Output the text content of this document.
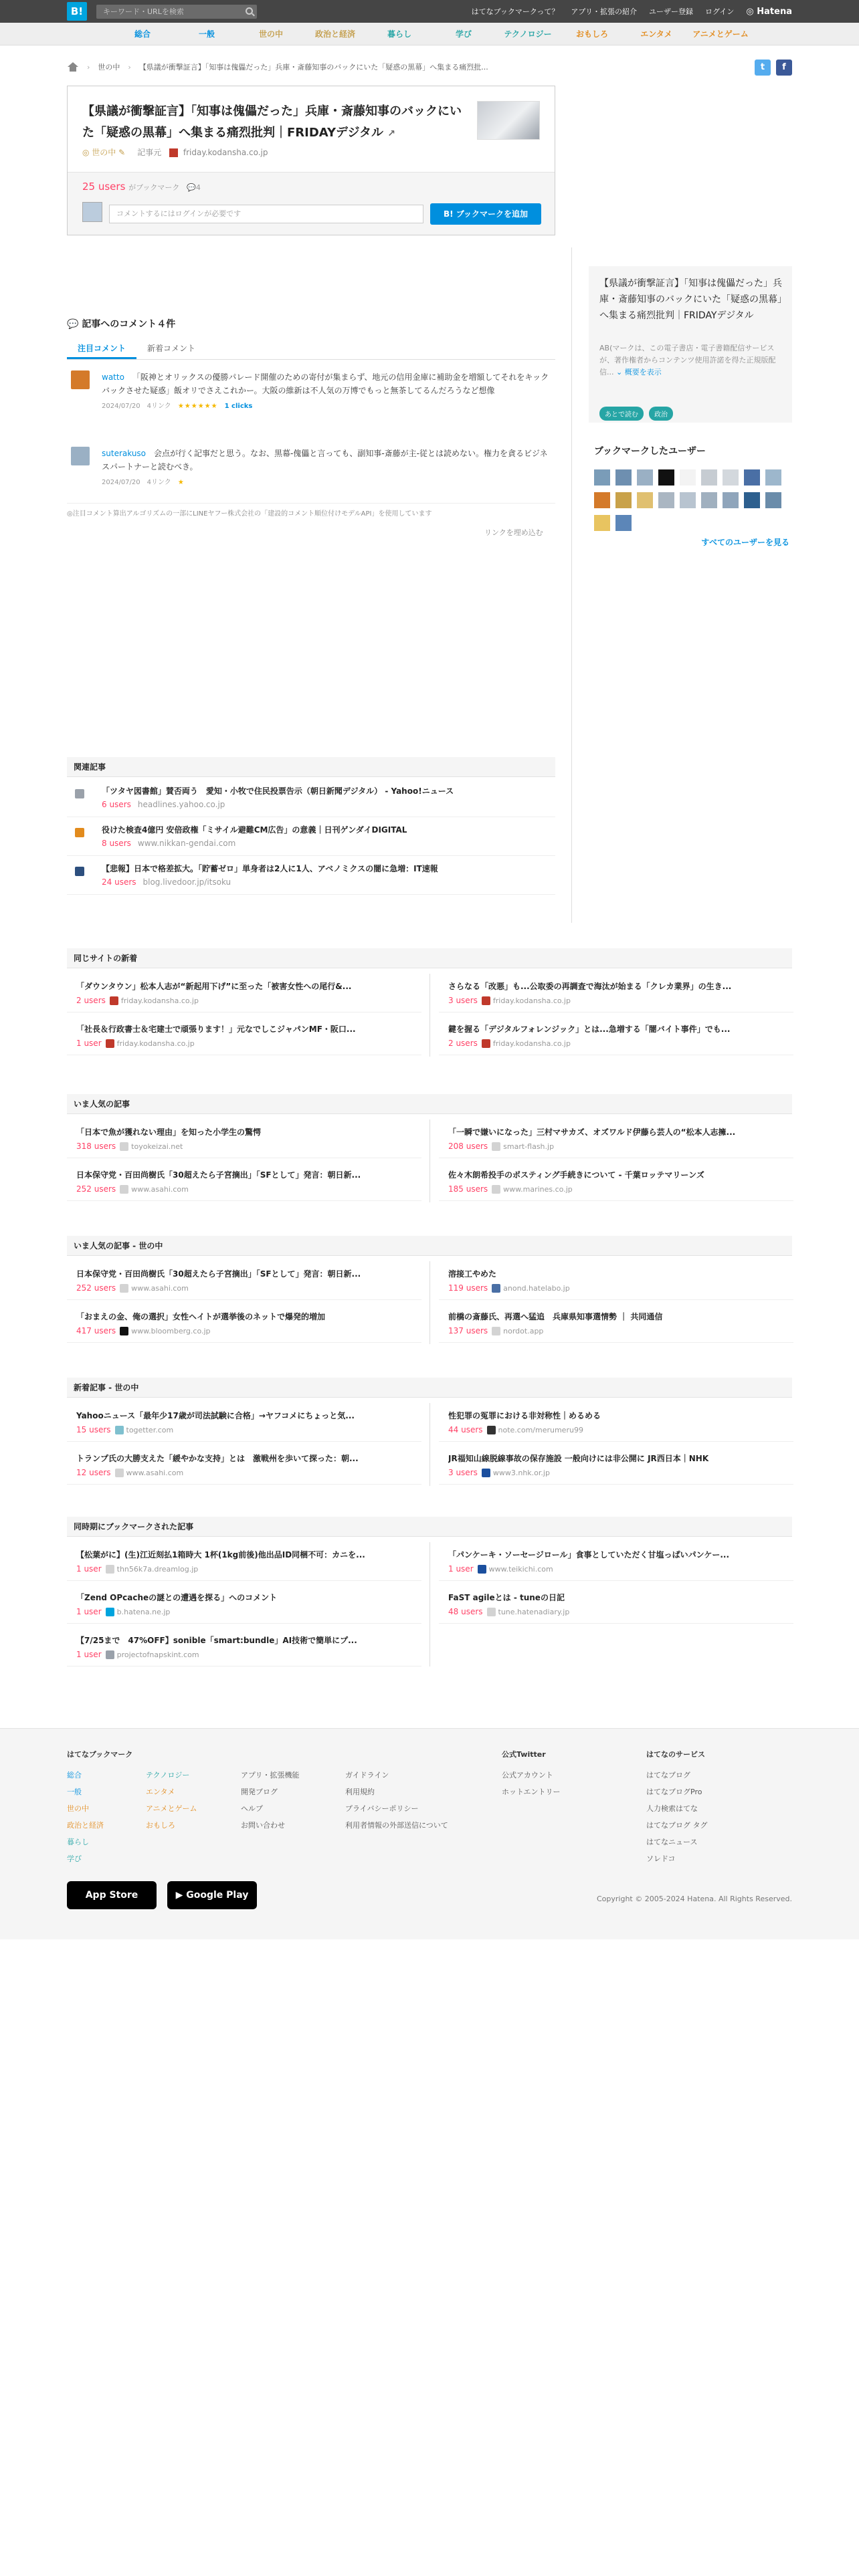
B!	キーワード・URLを検索	はてなブックマークって？ アプリ・拡張の紹介 ユーザー登録 ログイン ◎ Hatena
総合	一般	世の中	政治と経済	暮らし	学び	テクノロジー	おもしろ	エンタメ	アニメとゲーム
› 世の中 › 【県議が衝撃証言】「知事は傀儡だった」兵庫・斎藤知事のバックにいた「疑惑の黒幕」へ集まる痛烈批...	t	f
【県議が衝撃証言】「知事は傀儡だった」兵庫・斎藤知事のバックにいた「疑惑の黒幕」へ集まる痛烈批判｜FRIDAYデジタル ↗
◎ 世の中 ✎ 記事元	friday.kodansha.co.jp
25 users がブックマーク 💬4
コメントするにはログインが必要です	B! ブックマークを追加
【県議が衝撃証言】「知事は傀儡だった」兵庫・斎藤知事のバックにいた「疑惑の黒幕」へ集まる痛烈批判｜FRIDAYデジタル
AB(マークは、この電子書店・電子書籍配信サービスが、著作権者からコンテンツ使用許諾を得た正規版配信... ⌄ 概要を表示
あとで読む	政治
ブックマークしたユーザー
すべてのユーザーを見る
💬 記事へのコメント４件
注目コメント	新着コメント
watto 「阪神とオリックスの優勝パレード開催のための寄付が集まらず、地元の信用金庫に補助金を増額してそれをキックバックさせた疑惑」飯オリでさえこれかー。大阪の維新は不人気の万博でもっと無茶してるんだろうなど想像
2024/07/20 4リンク ★★★★★★ 1 clicks
suterakuso 会点が行く記事だと思う。なお、黒幕-傀儡と言っても、副知事-斎藤が主-従とは読めない。権力を貪るビジネスパートナーと読むべき。
2024/07/20 4リンク ★
◎注目コメント算出アルゴリズムの一部にLINEヤフー株式会社の「建設的コメント順位付けモデルAPI」を使用しています
リンクを埋め込む
関連記事
「ツタヤ図書館」賛否両う　愛知・小牧で住民投票告示（朝日新聞デジタル） - Yahoo!ニュース
6 users headlines.yahoo.co.jp
役けた検査4億円 安倍政権「ミサイル避難CM広告」の意義｜日刊ゲンダイDIGITAL
8 users www.nikkan-gendai.com
【悲報】日本で格差拡大。「貯蓄ゼロ」単身者は2人に1人、アベノミクスの闇に急増：IT速報
24 users blog.livedoor.jp/itsoku
同じサイトの新着
「ダウンタウン」松本人志が“新起用下げ”に至った「被害女性への尾行&...
2 users friday.kodansha.co.jp
さらなる「改悪」も...公取委の再調査で海汰が始まる「クレカ業界」の生き...
3 users friday.kodansha.co.jp
「社長＆行政書士＆宅建士で頑張ります！」元なでしこジャパンMF・阪口...
1 user friday.kodansha.co.jp
鍵を握る「デジタルフォレンジック」とは...急増する「闇バイト事件」でも...
2 users friday.kodansha.co.jp
いま人気の記事
「日本で魚が獲れない理由」を知った小学生の驚愕
318 users toyokeizai.net
「一瞬で嫌いになった」三村マサカズ、オズワルド伊藤ら芸人の“松本人志擁...
208 users smart-flash.jp
日本保守党・百田尚樹氏「30超えたら子宮摘出」「SFとして」発言：朝日新...
252 users www.asahi.com
佐々木朗希投手のポスティング手続きについて - 千葉ロッテマリーンズ
185 users www.marines.co.jp
いま人気の記事 - 世の中
日本保守党・百田尚樹氏「30超えたら子宮摘出」「SFとして」発言：朝日新...
252 users www.asahi.com
溶接工やめた
119 users anond.hatelabo.jp
「おまえの金、俺の選択」女性ヘイトが選挙後のネットで爆発的増加
417 users www.bloomberg.co.jp
前橋の斎藤氏、再選へ猛追　兵庫県知事選情勢 ｜ 共同通信
137 users nordot.app
新着記事 - 世の中
Yahooニュース「最年少17歳が司法試験に合格」→ヤフコメにちょっと気...
15 users togetter.com
性犯罪の冤罪における非対称性｜めるめる
44 users note.com/merumeru99
トランプ氏の大勝支えた「緩やかな支持」とは　激戦州を歩いて探った：朝...
12 users www.asahi.com
JR福知山線脱線事故の保存施設 一般向けには非公開に JR西日本｜NHK
3 users www3.nhk.or.jp
同時期にブックマークされた記事
【松葉がに】(生)江近刻払1箱時大 1杯(1kg前後)他出品ID同梱不可：カニを...
1 user thn56k7a.dreamlog.jp
「パンケーキ・ソーセージロール」食事としていただく甘塩っぱいパンケー...
1 user www.teikichi.com
「Zend OPcacheの謎との遭遇を探る」へのコメント
1 user b.hatena.ne.jp
FaST agileとは - tuneの日記
48 users tune.hatenadiary.jp
【7/25まで　47%OFF】sonible「smart:bundle」AI技術で簡単にプ...
1 user projectofnapskint.com
はてなブックマーク
総合
一般
世の中
政治と経済
暮らし
学び
テクノロジー
エンタメ
アニメとゲーム
おもしろ
アプリ・拡張機能
開発ブログ
ヘルプ
お問い合わせ
ガイドライン
利用規約
プライバシーポリシー
利用者情報の外部送信について
公式Twitter
公式アカウント
ホットエントリー
はてなのサービス
はてなブログ
はてなブログPro
人力検索はてな
はてなブログ タグ
はてなニュース
ソレドコ
App Store	▶ Google Play	Copyright © 2005-2024 Hatena. All Rights Reserved.
